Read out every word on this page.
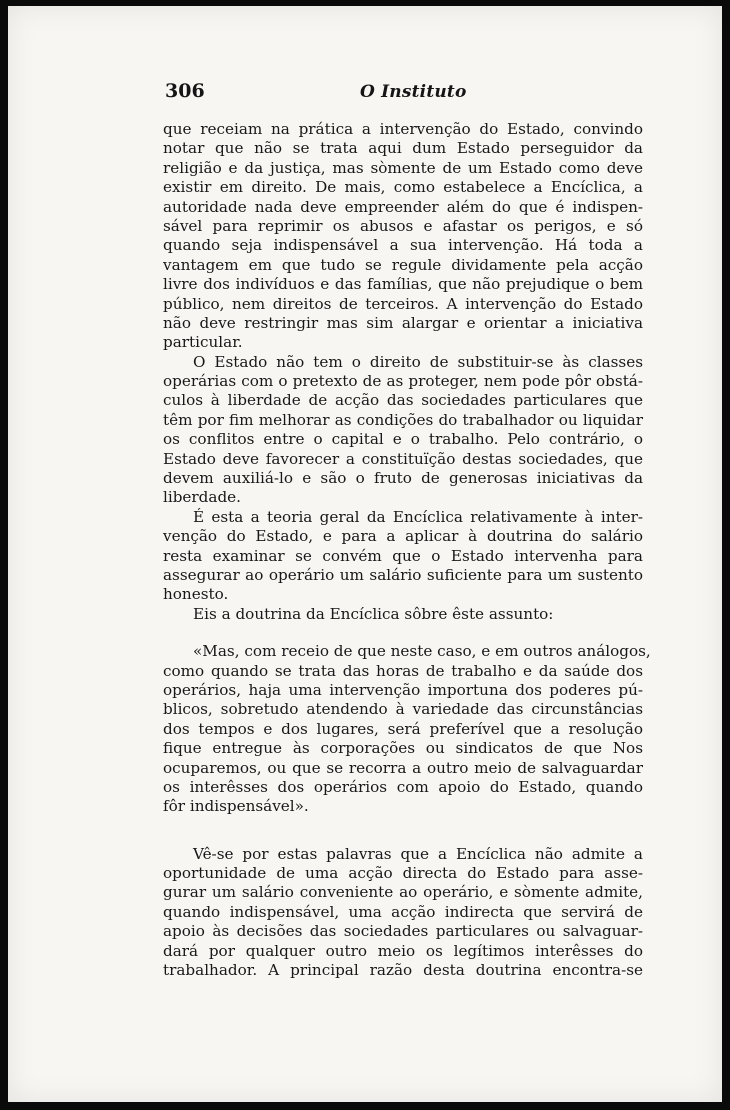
306	O Instituto
que receiam na prática a intervenção do Estado, convindo
notar que não se trata aqui dum Estado perseguidor da
religião e da justiça, mas sòmente de um Estado como deve
existir em direito. De mais, como estabelece a Encíclica, a
autoridade nada deve empreender além do que é indispen-
sável para reprimir os abusos e afastar os perigos, e só
quando seja indispensável a sua intervenção. Há toda a
vantagem em que tudo se regule dividamente pela acção
livre dos indivíduos e das famílias, que não prejudique o bem
público, nem direitos de terceiros. A intervenção do Estado
não deve restringir mas sim alargar e orientar a iniciativa
particular.
O Estado não tem o direito de substituir-se às classes
operárias com o pretexto de as proteger, nem pode pôr obstá-
culos à liberdade de acção das sociedades particulares que
têm por fim melhorar as condições do trabalhador ou liquidar
os conflitos entre o capital e o trabalho. Pelo contrário, o
Estado deve favorecer a constituïção destas sociedades, que
devem auxiliá-lo e são o fruto de generosas iniciativas da
liberdade.
É esta a teoria geral da Encíclica relativamente à inter-
venção do Estado, e para a aplicar à doutrina do salário
resta examinar se convém que o Estado intervenha para
assegurar ao operário um salário suficiente para um sustento
honesto.
Eis a doutrina da Encíclica sôbre êste assunto:
«Mas, com receio de que neste caso, e em outros análogos,
como quando se trata das horas de trabalho e da saúde dos
operários, haja uma intervenção importuna dos poderes pú-
blicos, sobretudo atendendo à variedade das circunstâncias
dos tempos e dos lugares, será preferível que a resolução
fique entregue às corporações ou sindicatos de que Nos
ocuparemos, ou que se recorra a outro meio de salvaguardar
os interêsses dos operários com apoio do Estado, quando
fôr indispensável».
Vê-se por estas palavras que a Encíclica não admite a
oportunidade de uma acção directa do Estado para asse-
gurar um salário conveniente ao operário, e sòmente admite,
quando indispensável, uma acção indirecta que servirá de
apoio às decisões das sociedades particulares ou salvaguar-
dará por qualquer outro meio os legítimos interêsses do
trabalhador. A principal razão desta doutrina encontra-se
